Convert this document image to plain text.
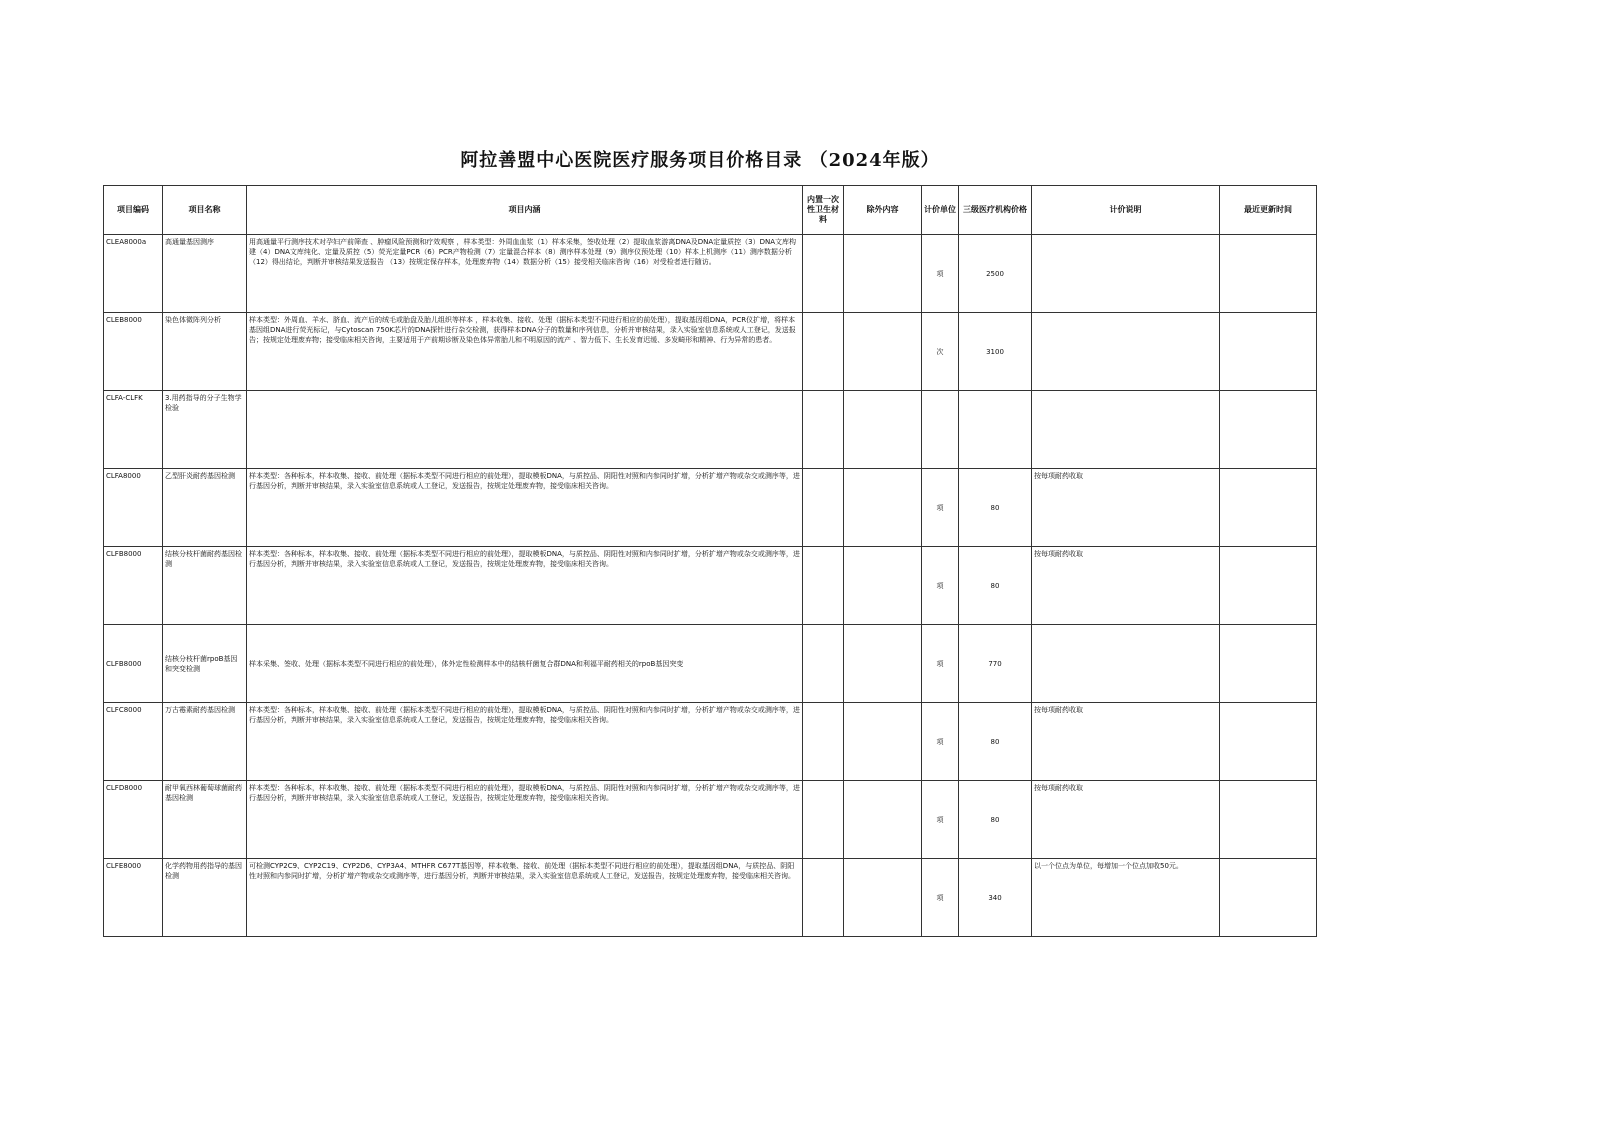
阿拉善盟中心医院医疗服务项目价格目录 （2024年版）
项目编码	项目名称	项目内涵	内置一次性卫生材料	除外内容	计价单位	三级医疗机构价格	计价说明	最近更新时间
CLEA8000a	高通量基因测序	用高通量平行测序技术对孕妇产前筛查 、肿瘤风险预测和疗效观察 ，样本类型：外周血血浆（1）样本采集，签收处理（2）提取血浆游离DNA及DNA定量质控（3）DNA文库构建（4）DNA文库纯化、定量及质控（5）荧光定量PCR（6）PCR产物检测（7）定量混合样本（8）测序样本处理（9）测序仪预处理（10）样本上机测序（11）测序数据分析（12）得出结论，判断并审核结果发送报告 （13）按规定保存样本，处理废弃物（14）数据分析（15）接受相关临床咨询（16）对受检者进行随访。			项	2500		
CLEB8000	染色体微阵列分析	样本类型：外周血、羊水、脐血、流产后的绒毛或胎盘及胎儿组织等样本 ，样本收集、接收、处理（据标本类型不同进行相应的前处理），提取基因组DNA，PCR仪扩增，将样本基因组DNA进行荧光标记，与Cytoscan 750K芯片的DNA探针进行杂交检测，获得样本DNA分子的数量和序列信息，分析并审核结果，录入实验室信息系统或人工登记，发送报告；按规定处理废弃物；接受临床相关咨询，主要适用于产前期诊断及染色体异常胎儿和不明原因的流产 、智力低下、生长发育迟缓、多发畸形和精神、行为异常的患者。			次	3100		
CLFA-CLFK	3.用药指导的分子生物学检验							
CLFA8000	乙型肝炎耐药基因检测	样本类型：各种标本，样本收集、接收、前处理（据标本类型不同进行相应的前处理），提取模板DNA，与质控品、阴阳性对照和内参同时扩增，分析扩增产物或杂交或测序等，进行基因分析，判断并审核结果，录入实验室信息系统或人工登记，发送报告，按规定处理废弃物，接受临床相关咨询。			项	80	按每项耐药收取	
CLFB8000	结核分枝杆菌耐药基因检测	样本类型：各种标本，样本收集、接收、前处理（据标本类型不同进行相应的前处理），提取模板DNA，与质控品、阴阳性对照和内参同时扩增，分析扩增产物或杂交或测序等，进行基因分析，判断并审核结果，录入实验室信息系统或人工登记，发送报告，按规定处理废弃物，接受临床相关咨询。			项	80	按每项耐药收取	
CLFB8000	结核分枝杆菌rpoB基因和突变检测	样本采集、签收、处理（据标本类型不同进行相应的前处理），体外定性检测样本中的结核杆菌复合群DNA和利福平耐药相关的rpoB基因突变			项	770		
CLFC8000	万古霉素耐药基因检测	样本类型：各种标本，样本收集、接收、前处理（据标本类型不同进行相应的前处理），提取模板DNA，与质控品、阴阳性对照和内参同时扩增，分析扩增产物或杂交或测序等，进行基因分析，判断并审核结果，录入实验室信息系统或人工登记，发送报告，按规定处理废弃物，接受临床相关咨询。			项	80	按每项耐药收取	
CLFD8000	耐甲氧西林葡萄球菌耐药基因检测	样本类型：各种标本，样本收集、接收、前处理（据标本类型不同进行相应的前处理），提取模板DNA，与质控品、阴阳性对照和内参同时扩增，分析扩增产物或杂交或测序等，进行基因分析，判断并审核结果，录入实验室信息系统或人工登记，发送报告，按规定处理废弃物，接受临床相关咨询。			项	80	按每项耐药收取	
CLFE8000	化学药物用药指导的基因检测	可检测CYP2C9、CYP2C19、CYP2D6、CYP3A4、MTHFR C677T基因等，样本收集、接收、前处理（据标本类型不同进行相应的前处理），提取基因组DNA，与质控品、阴阳性对照和内参同时扩增，分析扩增产物或杂交或测序等，进行基因分析，判断并审核结果，录入实验室信息系统或人工登记，发送报告，按规定处理废弃物，接受临床相关咨询。			项	340	以一个位点为单位，每增加一个位点加收50元。	
